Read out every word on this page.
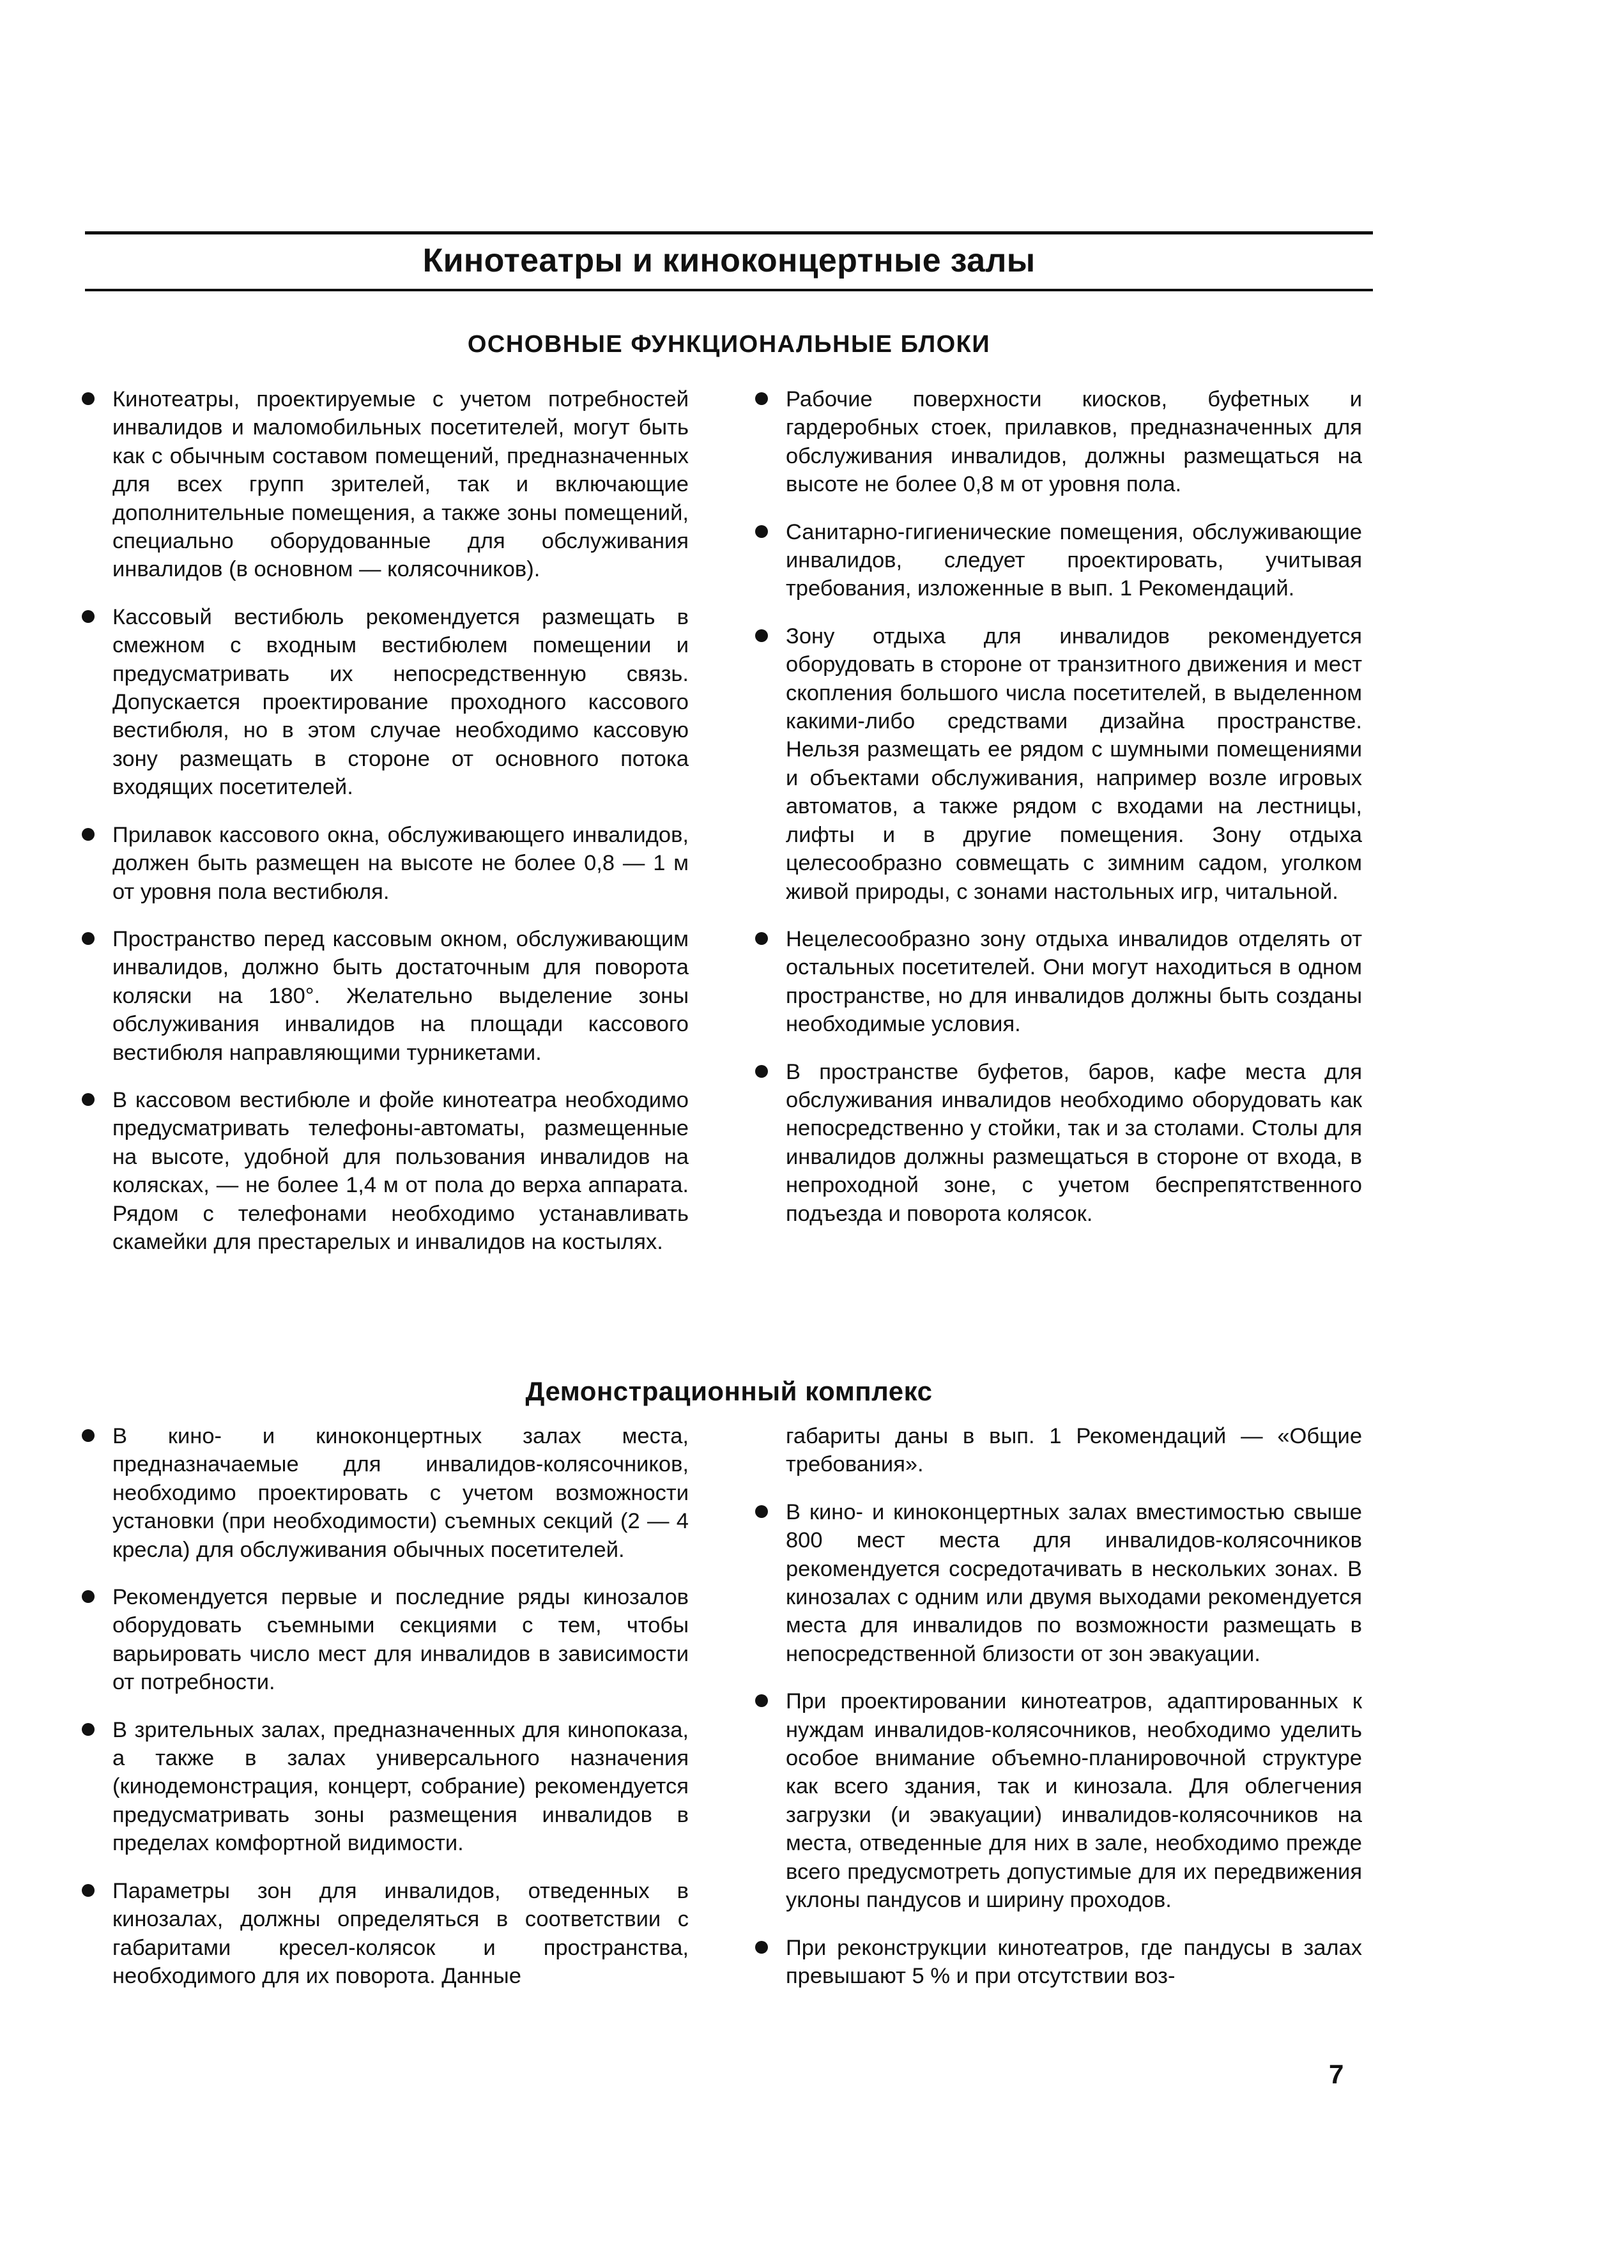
Кинотеатры и киноконцертные залы
ОСНОВНЫЕ ФУНКЦИОНАЛЬНЫЕ БЛОКИ

Кинотеатры, проектируемые с учетом потребностей инвалидов и маломобильных посетителей, могут быть как с обычным составом помещений, предназначенных для всех групп зрителей, так и включающие дополнительные помещения, а также зоны помещений, специально оборудованные для обслуживания инвалидов (в основном — колясочников).

Кассовый вестибюль рекомендуется размещать в смежном с входным вестибюлем помещении и предусматривать их непосредственную связь. Допускается проектирование проходного кассового вестибюля, но в этом случае необходимо кассовую зону размещать в стороне от основного потока входящих посетителей.

Прилавок кассового окна, обслуживающего инвалидов, должен быть размещен на высоте не более 0,8 — 1 м от уровня пола вестибюля.

Пространство перед кассовым окном, обслуживающим инвалидов, должно быть достаточным для поворота коляски на 180°. Желательно выделение зоны обслуживания инвалидов на площади кассового вестибюля направляющими турникетами.

В кассовом вестибюле и фойе кинотеатра необходимо предусматривать телефоны-автоматы, размещенные на высоте, удобной для пользования инвалидов на колясках, — не более 1,4 м от пола до верха аппарата. Рядом с телефонами необходимо устанавливать скамейки для престарелых и инвалидов на костылях.

Рабочие поверхности киосков, буфетных и гардеробных стоек, прилавков, предназначенных для обслуживания инвалидов, должны размещаться на высоте не более 0,8 м от уровня пола.

Санитарно-гигиенические помещения, обслуживающие инвалидов, следует проектировать, учитывая требования, изложенные в вып. 1 Рекомендаций.

Зону отдыха для инвалидов рекомендуется оборудовать в стороне от транзитного движения и мест скопления большого числа посетителей, в выделенном какими-либо средствами дизайна пространстве. Нельзя размещать ее рядом с шумными помещениями и объектами обслуживания, например возле игровых автоматов, а также рядом с входами на лестницы, лифты и в другие помещения. Зону отдыха целесообразно совмещать с зимним садом, уголком живой природы, с зонами настольных игр, читальной.

Нецелесообразно зону отдыха инвалидов отделять от остальных посетителей. Они могут находиться в одном пространстве, но для инвалидов должны быть созданы необходимые условия.

В пространстве буфетов, баров, кафе места для обслуживания инвалидов необходимо оборудовать как непосредственно у стойки, так и за столами. Столы для инвалидов должны размещаться в стороне от входа, в непроходной зоне, с учетом беспрепятственного подъезда и поворота колясок.

Демонстрационный комплекс

В кино- и киноконцертных залах места, предназначаемые для инвалидов-колясочников, необходимо проектировать с учетом возможности установки (при необходимости) съемных секций (2 — 4 кресла) для обслуживания обычных посетителей.

Рекомендуется первые и последние ряды кинозалов оборудовать съемными секциями с тем, чтобы варьировать число мест для инвалидов в зависимости от потребности.

В зрительных залах, предназначенных для кинопоказа, а также в залах универсального назначения (кинодемонстрация, концерт, собрание) рекомендуется предусматривать зоны размещения инвалидов в пределах комфортной видимости.

Параметры зон для инвалидов, отведенных в кинозалах, должны определяться в соответствии с габаритами кресел-колясок и пространства, необходимого для их поворота. Данные

габариты даны в вып. 1 Рекомендаций — «Общие требования».

В кино- и киноконцертных залах вместимостью свыше 800 мест места для инвалидов-колясочников рекомендуется сосредотачивать в нескольких зонах. В кинозалах с одним или двумя выходами рекомендуется места для инвалидов по возможности размещать в непосредственной близости от зон эвакуации.

При проектировании кинотеатров, адаптированных к нуждам инвалидов-колясочников, необходимо уделить особое внимание объемно-планировочной структуре как всего здания, так и кинозала. Для облегчения загрузки (и эвакуации) инвалидов-колясочников на места, отведенные для них в зале, необходимо прежде всего предусмотреть допустимые для их передвижения уклоны пандусов и ширину проходов.

При реконструкции кинотеатров, где пандусы в залах превышают 5 % и при отсутствии воз-

7
